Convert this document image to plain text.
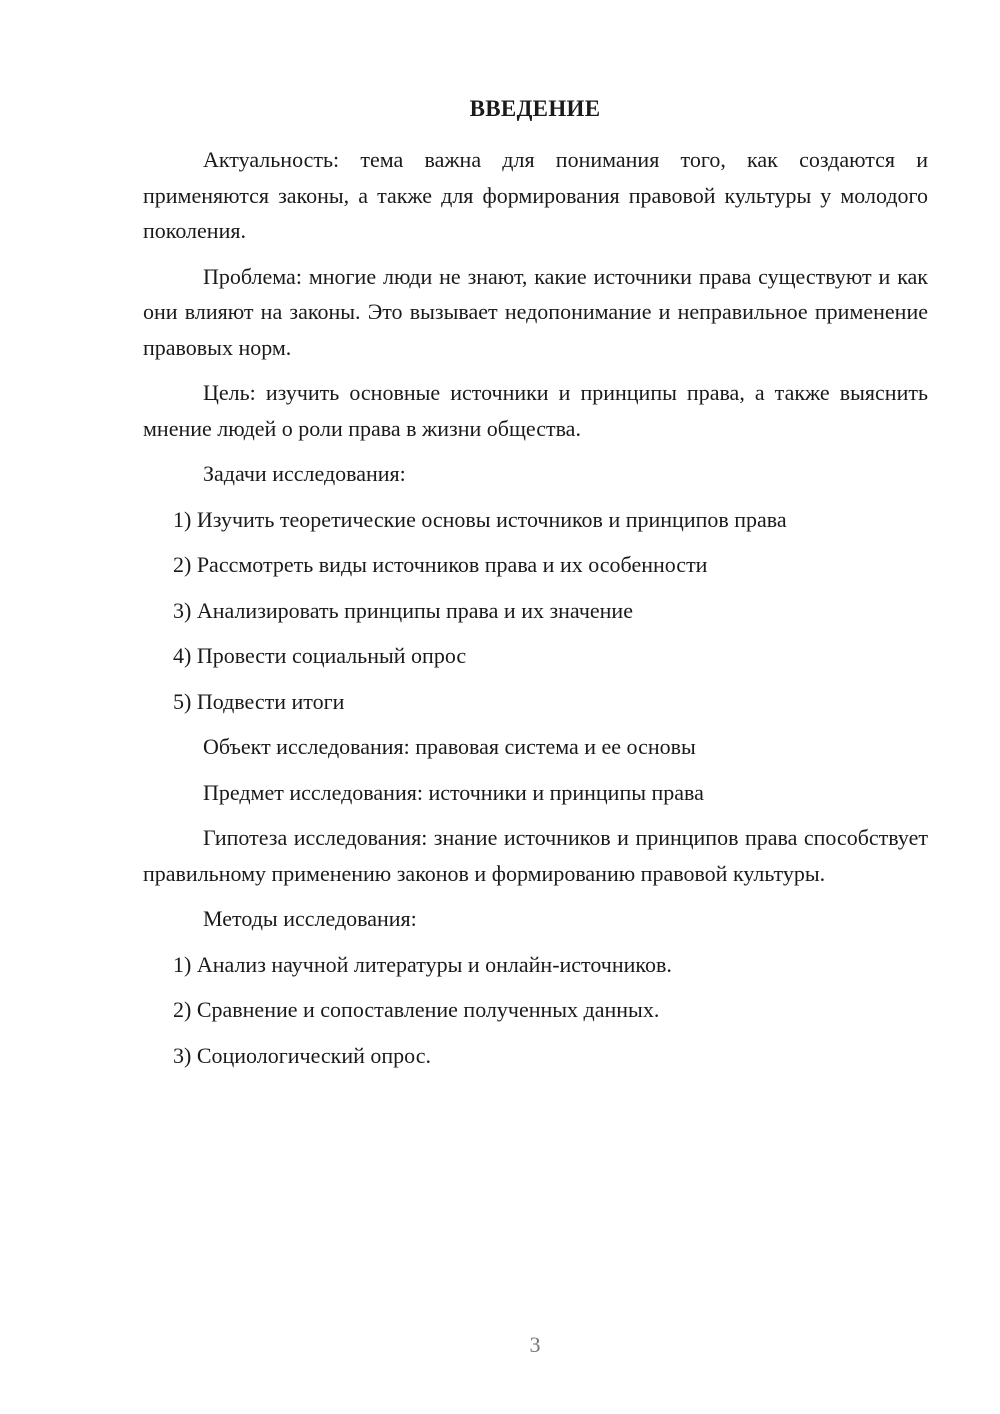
ВВЕДЕНИЕ

Актуальность: тема важна для понимания того, как создаются и применяются законы, а также для формирования правовой культуры у молодого поколения.

Проблема: многие люди не знают, какие источники права существуют и как они влияют на законы. Это вызывает недопонимание и неправильное применение правовых норм.

Цель: изучить основные источники и принципы права, а также выяснить мнение людей о роли права в жизни общества.

Задачи исследования:

1) Изучить теоретические основы источников и принципов права
2) Рассмотреть виды источников права и их особенности
3) Анализировать принципы права и их значение
4) Провести социальный опрос
5) Подвести итоги

Объект исследования: правовая система и ее основы

Предмет исследования: источники и принципы права

Гипотеза исследования: знание источников и принципов права способствует правильному применению законов и формированию правовой культуры.

Методы исследования:

1) Анализ научной литературы и онлайн-источников.
2) Сравнение и сопоставление полученных данных.
3) Социологический опрос.
3
